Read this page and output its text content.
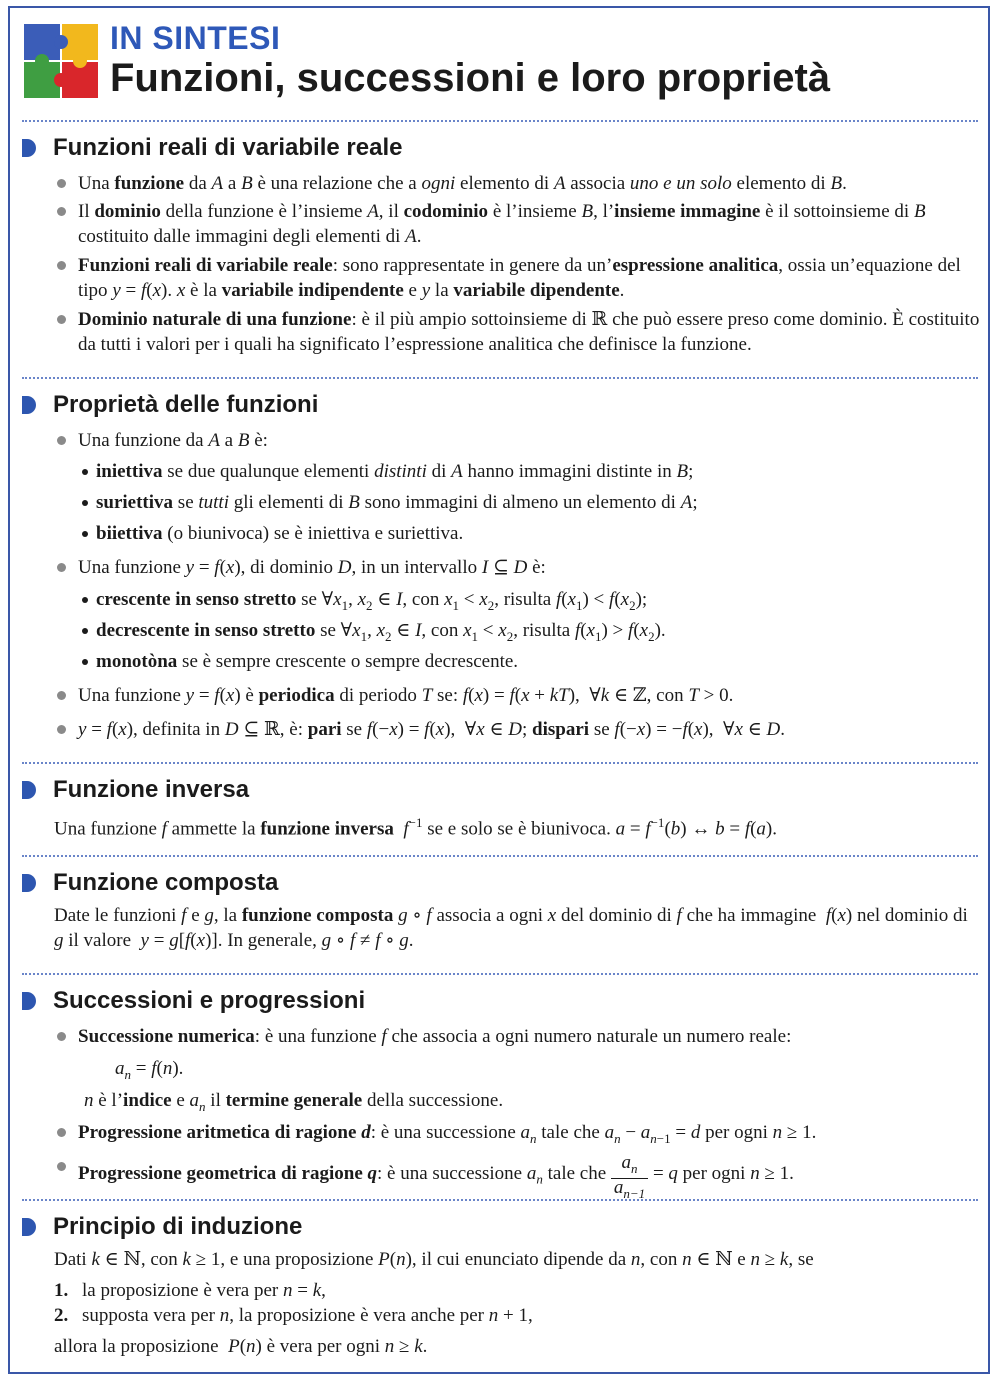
IN SINTESI
Funzioni, successioni e loro proprietà
Funzioni reali di variabile reale
Una funzione da A a B è una relazione che a ogni elemento di A associa uno e un solo elemento di B.
Il dominio della funzione è l’insieme A, il codominio è l’insieme B, l’insieme immagine è il sottoinsieme di B costituito dalle immagini degli elementi di A.
Funzioni reali di variabile reale: sono rappresentate in genere da un’espressione analitica, ossia un’equazione del tipo y = f(x). x è la variabile indipendente e y la variabile dipendente.
Dominio naturale di una funzione: è il più ampio sottoinsieme di ℝ che può essere preso come dominio. È costituito da tutti i valori per i quali ha significato l’espressione analitica che definisce la funzione.
Proprietà delle funzioni
Una funzione da A a B è:
iniettiva se due qualunque elementi distinti di A hanno immagini distinte in B;
suriettiva se tutti gli elementi di B sono immagini di almeno un elemento di A;
biiettiva (o biunivoca) se è iniettiva e suriettiva.
Una funzione y = f(x), di dominio D, in un intervallo I ⊆ D è:
crescente in senso stretto se $\forall x_1$, $x_2$ ∈ I, con $x_1 < x_2$, risulta $f(x_1) < f(x_2)$;
decrescente in senso stretto se $\forall x_1$, $x_2$ ∈ I, con $x_1 < x_2$, risulta $f(x_1) > f(x_2)$.
monotòna se è sempre crescente o sempre decrescente.
Una funzione y = f(x) è periodica di periodo T se: f(x) = f(x + kT),  ∀k ∈ ℤ, con T > 0.
y = f(x), definita in D ⊆ ℝ, è: pari se f(−x) = f(x),  ∀x ∈ D; dispari se f(−x) = −f(x),  ∀x ∈ D.
Funzione inversa
Una funzione f ammette la funzione inversa $f^{-1}$ se e solo se è biunivoca. $a = f^{-1}(b)$ ↔ b = f(a).
Funzione composta
Date le funzioni f e g, la funzione composta g ∘ f associa a ogni x del dominio di f che ha immagine  f(x) nel dominio di g il valore  y = g[f(x)]. In generale, g ∘ f ≠ f ∘ g.
Successioni e progressioni
Successione numerica: è una funzione f che associa a ogni numero naturale un numero reale:
$a_n = f(n)$.
n è l’indice e $a_n$ il termine generale della successione.
Progressione aritmetica di ragione d: è una successione $a_n$ tale che $a_n - a_{n-1} = d$ per ogni n ≥ 1.
Progressione geometrica di ragione q: è una successione $a_n$ tale che $\frac{a_n}{a_{n-1}} = q$ per ogni n ≥ 1.
Principio di induzione
Dati k ∈ ℕ, con k ≥ 1, e una proposizione P(n), il cui enunciato dipende da n, con n ∈ ℕ e n ≥ k, se
1. la proposizione è vera per n = k,
2. supposta vera per n, la proposizione è vera anche per n + 1,
allora la proposizione  P(n) è vera per ogni n ≥ k.
